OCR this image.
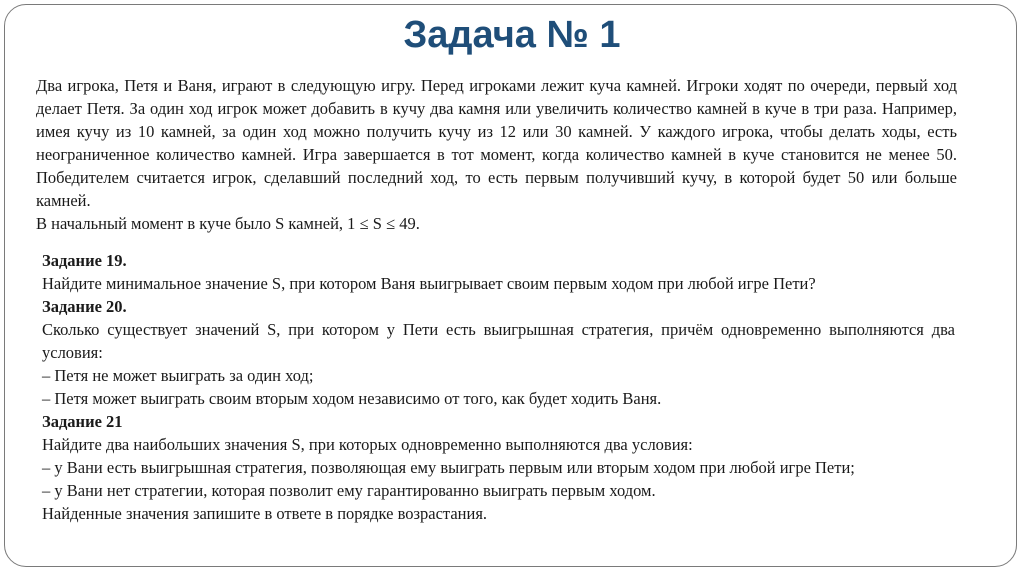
Задача № 1

Два игрока, Петя и Ваня, играют в следующую игру. Перед игроками лежит куча камней. Игроки ходят по очереди, первый ход делает Петя. За один ход игрок может добавить в кучу два камня или увеличить количество камней в куче в три раза. Например, имея кучу из 10 камней, за один ход можно получить кучу из 12 или 30 камней. У каждого игрока, чтобы делать ходы, есть неограниченное количество камней. Игра завершается в тот момент, когда количество камней в куче становится не менее 50. Победителем считается игрок, сделавший последний ход, то есть первым получивший кучу, в которой будет 50 или больше камней.

В начальный момент в куче было S камней, 1 ≤ S ≤ 49.

Задание 19.

Найдите минимальное значение S, при котором Ваня выигрывает своим первым ходом при любой игре Пети?

Задание 20.

Сколько существует значений S, при котором у Пети есть выигрышная стратегия, причём одновременно выполняются два условия:

– Петя не может выиграть за один ход;

– Петя может выиграть своим вторым ходом независимо от того, как будет ходить Ваня.

Задание 21

Найдите два наибольших значения S, при которых одновременно выполняются два условия:

– у Вани есть выигрышная стратегия, позволяющая ему выиграть первым или вторым ходом при любой игре Пети;

– у Вани нет стратегии, которая позволит ему гарантированно выиграть первым ходом.

Найденные значения запишите в ответе в порядке возрастания.
